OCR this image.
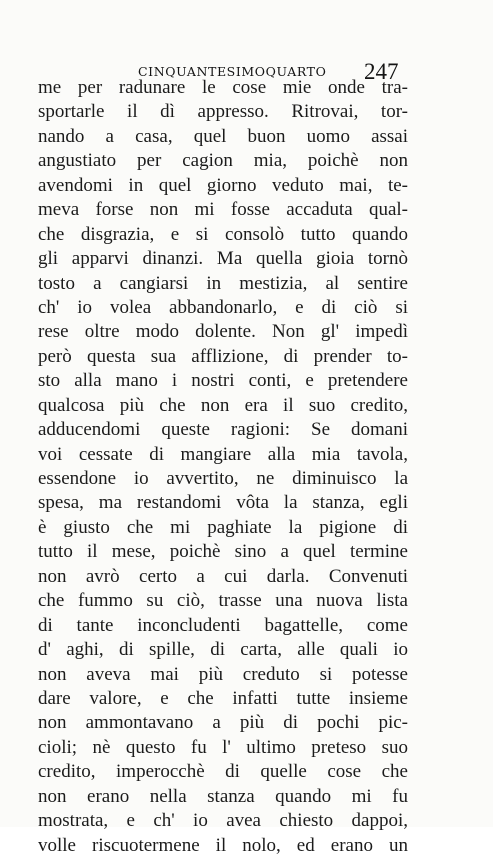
CINQUANTESIMOQUARTO 247
me per radunare le cose mie onde tra-
sportarle il dì appresso. Ritrovai, tor-
nando a casa, quel buon uomo assai
angustiato per cagion mia, poichè non
avendomi in quel giorno veduto mai, te-
meva forse non mi fosse accaduta qual-
che disgrazia, e si consolò tutto quando
gli apparvi dinanzi. Ma quella gioia tornò
tosto a cangiarsi in mestizia, al sentire
ch' io volea abbandonarlo, e di ciò si
rese oltre modo dolente. Non gl' impedì
però questa sua afflizione, di prender to-
sto alla mano i nostri conti, e pretendere
qualcosa più che non era il suo credito,
adducendomi queste ragioni: Se domani
voi cessate di mangiare alla mia tavola,
essendone io avvertito, ne diminuisco la
spesa, ma restandomi vôta la stanza, egli
è giusto che mi paghiate la pigione di
tutto il mese, poichè sino a quel termine
non avrò certo a cui darla. Convenuti
che fummo su ciò, trasse una nuova lista
di tante inconcludenti bagattelle, come
d' aghi, di spille, di carta, alle quali io
non aveva mai più creduto si potesse
dare valore, e che infatti tutte insieme
non ammontavano a più di pochi pic-
cioli; nè questo fu l' ultimo preteso suo
credito, imperocchè di quelle cose che
non erano nella stanza quando mi fu
mostrata, e ch' io avea chiesto dappoi,
volle riscuotermene il nolo, ed erano un
